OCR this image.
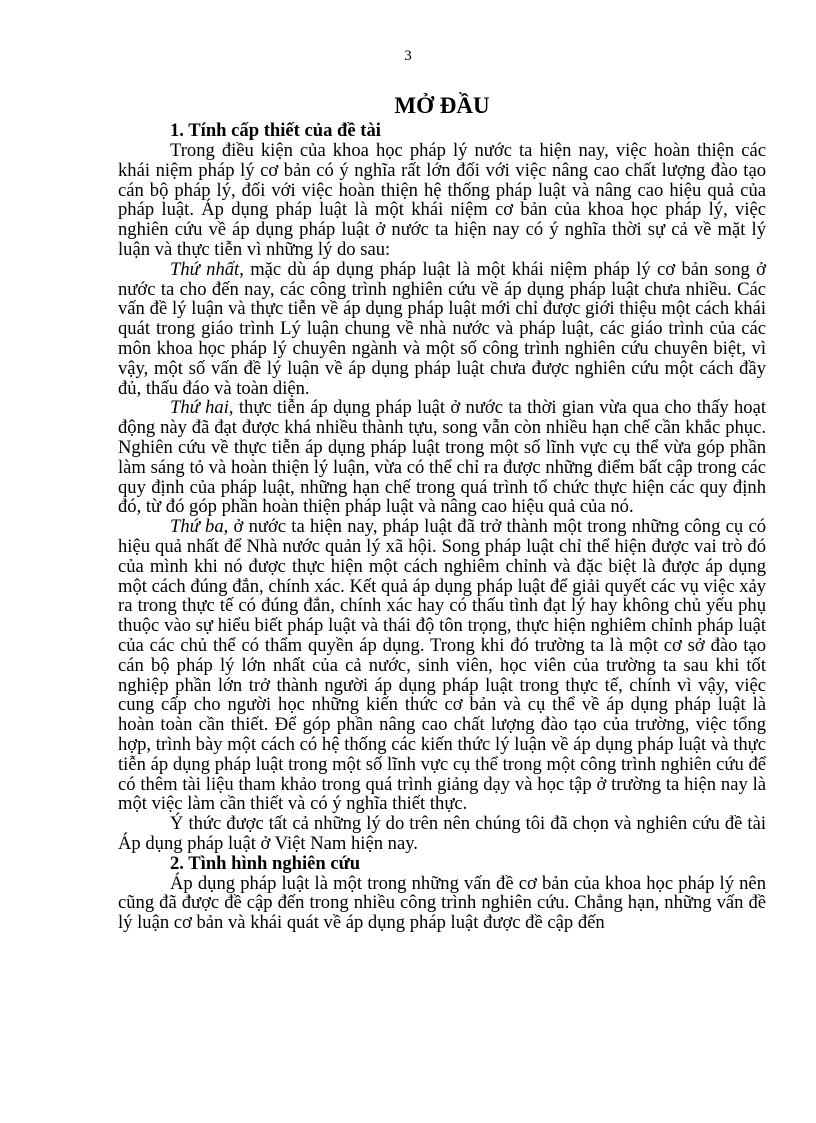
3
MỞ ĐẦU
1. Tính cấp thiết của đề tài

Trong điều kiện của khoa học pháp lý nước ta hiện nay, việc hoàn thiện các khái niệm pháp lý cơ bản có ý nghĩa rất lớn đối với việc nâng cao chất lượng đào tạo cán bộ pháp lý, đối với việc hoàn thiện hệ thống pháp luật và nâng cao hiệu quả của pháp luật. Áp dụng pháp luật là một khái niệm cơ bản của khoa học pháp lý, việc nghiên cứu về áp dụng pháp luật ở nước ta hiện nay có ý nghĩa thời sự cả về mặt lý luận và thực tiễn vì những lý do sau:

Thứ nhất, mặc dù áp dụng pháp luật là một khái niệm pháp lý cơ bản song ở nước ta cho đến nay, các công trình nghiên cứu về áp dụng pháp luật chưa nhiều. Các vấn đề lý luận và thực tiễn về áp dụng pháp luật mới chỉ được giới thiệu một cách khái quát trong giáo trình Lý luận chung về nhà nước và pháp luật, các giáo trình của các môn khoa học pháp lý chuyên ngành và một số công trình nghiên cứu chuyên biệt, vì vậy, một số vấn đề lý luận về áp dụng pháp luật chưa được nghiên cứu một cách đầy đủ, thấu đáo và toàn diện.

Thứ hai, thực tiễn áp dụng pháp luật ở nước ta thời gian vừa qua cho thấy hoạt động này đã đạt được khá nhiều thành tựu, song vẫn còn nhiều hạn chế cần khắc phục. Nghiên cứu về thực tiễn áp dụng pháp luật trong một số lĩnh vực cụ thể vừa góp phần làm sáng tỏ và hoàn thiện lý luận, vừa có thể chỉ ra được những điểm bất cập trong các quy định của pháp luật, những hạn chế trong quá trình tổ chức thực hiện các quy định đó, từ đó góp phần hoàn thiện pháp luật và nâng cao hiệu quả của nó.

Thứ ba, ở nước ta hiện nay, pháp luật đã trở thành một trong những công cụ có hiệu quả nhất để Nhà nước quản lý xã hội. Song pháp luật chỉ thể hiện được vai trò đó của mình khi nó được thực hiện một cách nghiêm chỉnh và đặc biệt là được áp dụng một cách đúng đắn, chính xác. Kết quả áp dụng pháp luật để giải quyết các vụ việc xảy ra trong thực tế có đúng đắn, chính xác hay có thấu tình đạt lý hay không chủ yếu phụ thuộc vào sự hiểu biết pháp luật và thái độ tôn trọng, thực hiện nghiêm chỉnh pháp luật của các chủ thể có thẩm quyền áp dụng. Trong khi đó trường ta là một cơ sở đào tạo cán bộ pháp lý lớn nhất của cả nước, sinh viên, học viên của trường ta sau khi tốt nghiệp phần lớn trở thành người áp dụng pháp luật trong thực tế, chính vì vậy, việc cung cấp cho người học những kiến thức cơ bản và cụ thể về áp dụng pháp luật là hoàn toàn cần thiết. Để góp phần nâng cao chất lượng đào tạo của trường, việc tổng hợp, trình bày một cách có hệ thống các kiến thức lý luận về áp dụng pháp luật và thực tiễn áp dụng pháp luật trong một số lĩnh vực cụ thể trong một công trình nghiên cứu để có thêm tài liệu tham khảo trong quá trình giảng dạy và học tập ở trường ta hiện nay là một việc làm cần thiết và có ý nghĩa thiết thực.

Ý thức được tất cả những lý do trên nên chúng tôi đã chọn và nghiên cứu đề tài Áp dụng pháp luật ở Việt Nam hiện nay.

2. Tình hình nghiên cứu

Áp dụng pháp luật là một trong những vấn đề cơ bản của khoa học pháp lý nên cũng đã được đề cập đến trong nhiều công trình nghiên cứu. Chẳng hạn, những vấn đề lý luận cơ bản và khái quát về áp dụng pháp luật được đề cập đến
